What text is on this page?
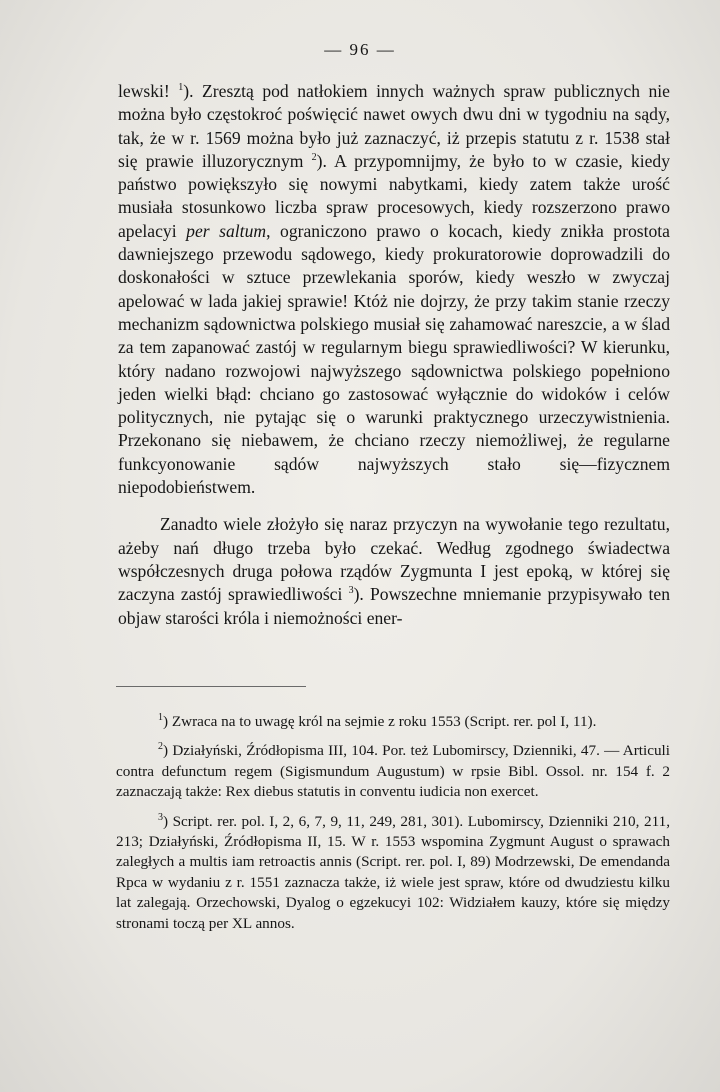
— 96 —

lewski! $^1$). Zresztą pod natłokiem innych ważnych spraw publicznych nie można było częstokroć poświęcić nawet owych dwu dni w tygodniu na sądy, tak, że w r. 1569 można było już zaznaczyć, iż przepis statutu z r. 1538 stał się prawie illuzorycznym $^2$). A przypomnijmy, że było to w czasie, kiedy państwo powiększyło się nowymi nabytkami, kiedy zatem także urość musiała stosunkowo liczba spraw procesowych, kiedy rozszerzono prawo apelacyi per saltum, ograniczono prawo o kocach, kiedy znikła prostota dawniejszego przewodu sądowego, kiedy prokuratorowie doprowadzili do doskonałości w sztuce przewlekania sporów, kiedy weszło w zwyczaj apelować w lada jakiej sprawie! Któż nie dojrzy, że przy takim stanie rzeczy mechanizm sądownictwa polskiego musiał się zahamować nareszcie, a w ślad za tem zapanować zastój w regularnym biegu sprawiedliwości? W kierunku, który nadano rozwojowi najwyższego sądownictwa polskiego popełniono jeden wielki błąd: chciano go zastosować wyłącznie do widoków i celów politycznych, nie pytając się o warunki praktycznego urzeczywistnienia. Przekonano się niebawem, że chciano rzeczy niemożliwej, że regularne funkcyonowanie sądów najwyższych stało się—fizycznem niepodobieństwem.

Zanadto wiele złożyło się naraz przyczyn na wywołanie tego rezultatu, ażeby nań długo trzeba było czekać. Według zgodnego świadectwa współczesnych druga połowa rządów Zygmunta I jest epoką, w której się zaczyna zastój sprawiedliwości $^3$). Powszechne mniemanie przypisywało ten objaw starości króla i niemożności ener-

$^1$) Zwraca na to uwagę król na sejmie z roku 1553 (Script. rer. pol I, 11).

$^2$) Działyński, Źródłopisma III, 104. Por. też Lubomirscy, Dzienniki, 47. — Articuli contra defunctum regem (Sigismundum Augustum) w rpsie Bibl. Ossol. nr. 154 f. 2 zaznaczają także: Rex diebus statutis in conventu iudicia non exercet.

$^3$) Script. rer. pol. I, 2, 6, 7, 9, 11, 249, 281, 301). Lubomirscy, Dzienniki 210, 211, 213; Działyński, Źródłopisma II, 15. W r. 1553 wspomina Zygmunt August o sprawach zaległych a multis iam retroactis annis (Script. rer. pol. I, 89) Modrzewski, De emendanda Rpca w wydaniu z r. 1551 zaznacza także, iż wiele jest spraw, które od dwudziestu kilku lat zalegają. Orzechowski, Dyalog o egzekucyi 102: Widziałem kauzy, które się między stronami toczą per XL annos.
